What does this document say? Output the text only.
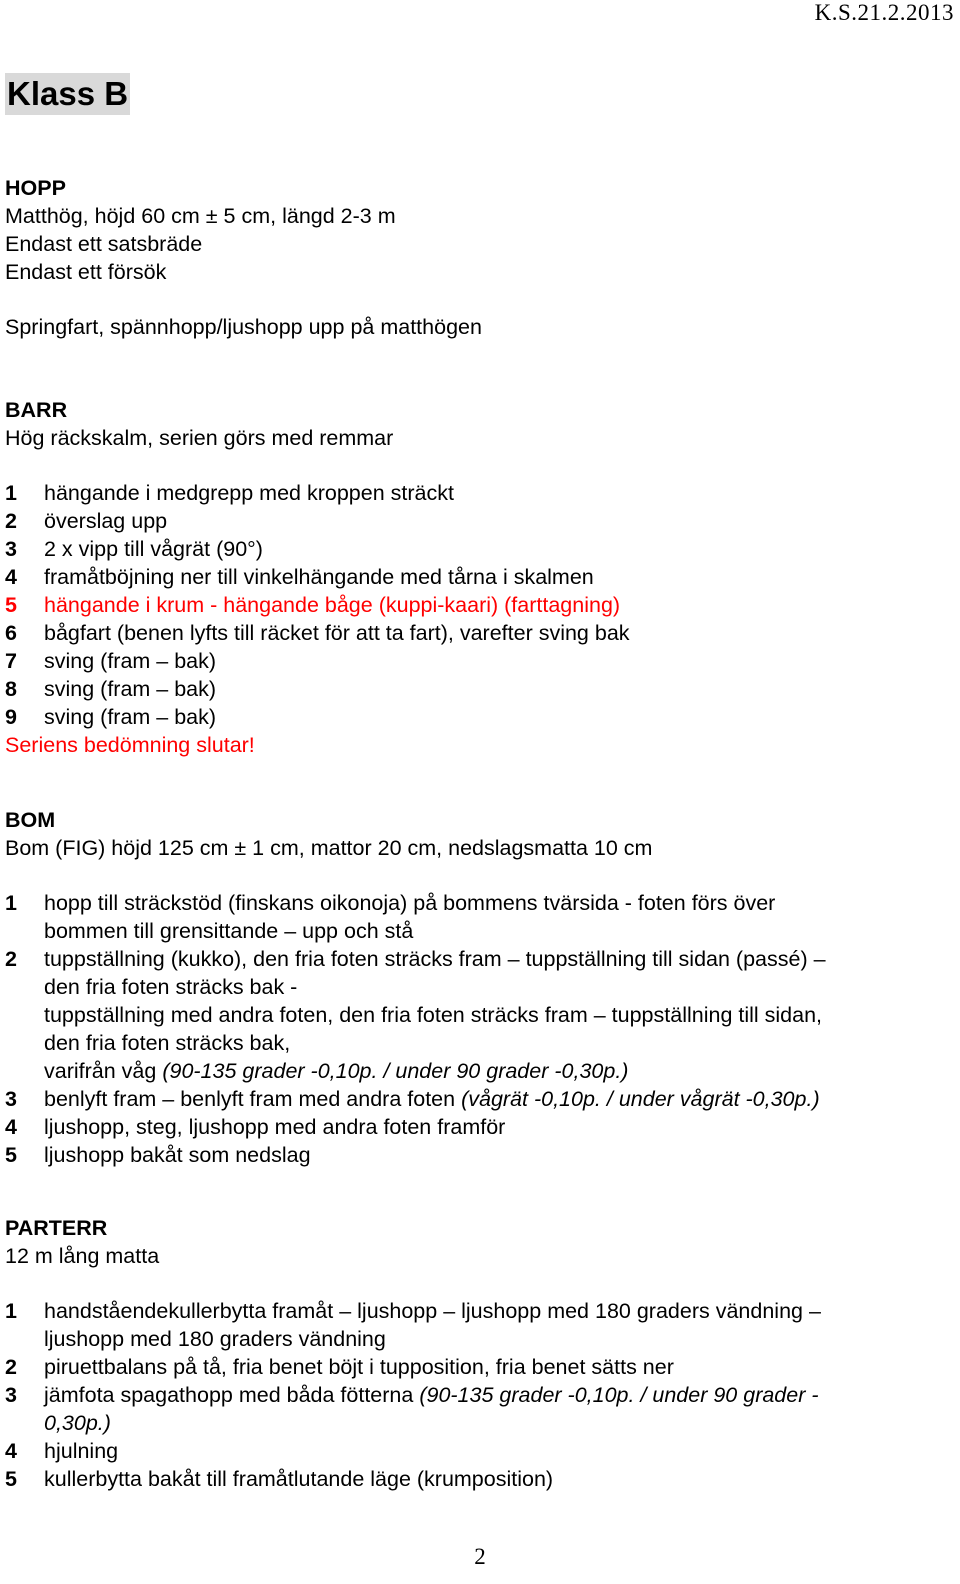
K.S.21.2.2013
Klass B
HOPP
Matthög, höjd 60 cm ± 5 cm, längd 2-3 m
Endast ett satsbräde
Endast ett försök
Springfart, spännhopp/ljushopp upp på matthögen
BARR
Hög räckskalm, serien görs med remmar
1 hängande i medgrepp med kroppen sträckt
2 överslag upp
3 2 x vipp till vågrät (90°)
4 framåtböjning ner till vinkelhängande med tårna i skalmen
5 hängande i krum - hängande båge (kuppi-kaari) (farttagning)
6 bågfart (benen lyfts till räcket för att ta fart), varefter sving bak
7 sving (fram – bak)
8 sving (fram – bak)
9 sving (fram – bak)
Seriens bedömning slutar!
BOM
Bom (FIG) höjd 125 cm ± 1 cm, mattor 20 cm, nedslagsmatta 10 cm
1 hopp till sträckstöd (finskans oikonoja) på bommens tvärsida - foten förs över
bommen till grensittande – upp och stå
2 tuppställning (kukko), den fria foten sträcks fram – tuppställning till sidan (passé) –
den fria foten sträcks bak -
tuppställning med andra foten, den fria foten sträcks fram – tuppställning till sidan,
den fria foten sträcks bak,
varifrån våg (90-135 grader -0,10p. / under 90 grader -0,30p.)
3 benlyft fram – benlyft fram med andra foten (vågrät -0,10p. / under vågrät -0,30p.)
4 ljushopp, steg, ljushopp med andra foten framför
5 ljushopp bakåt som nedslag
PARTERR
12 m lång matta
1 handståendekullerbytta framåt – ljushopp – ljushopp med 180 graders vändning –
ljushopp med 180 graders vändning
2 piruettbalans på tå, fria benet böjt i tupposition, fria benet sätts ner
3 jämfota spagathopp med båda fötterna (90-135 grader -0,10p. / under 90 grader -
0,30p.)
4 hjulning
5 kullerbytta bakåt till framåtlutande läge (krumposition)
2
